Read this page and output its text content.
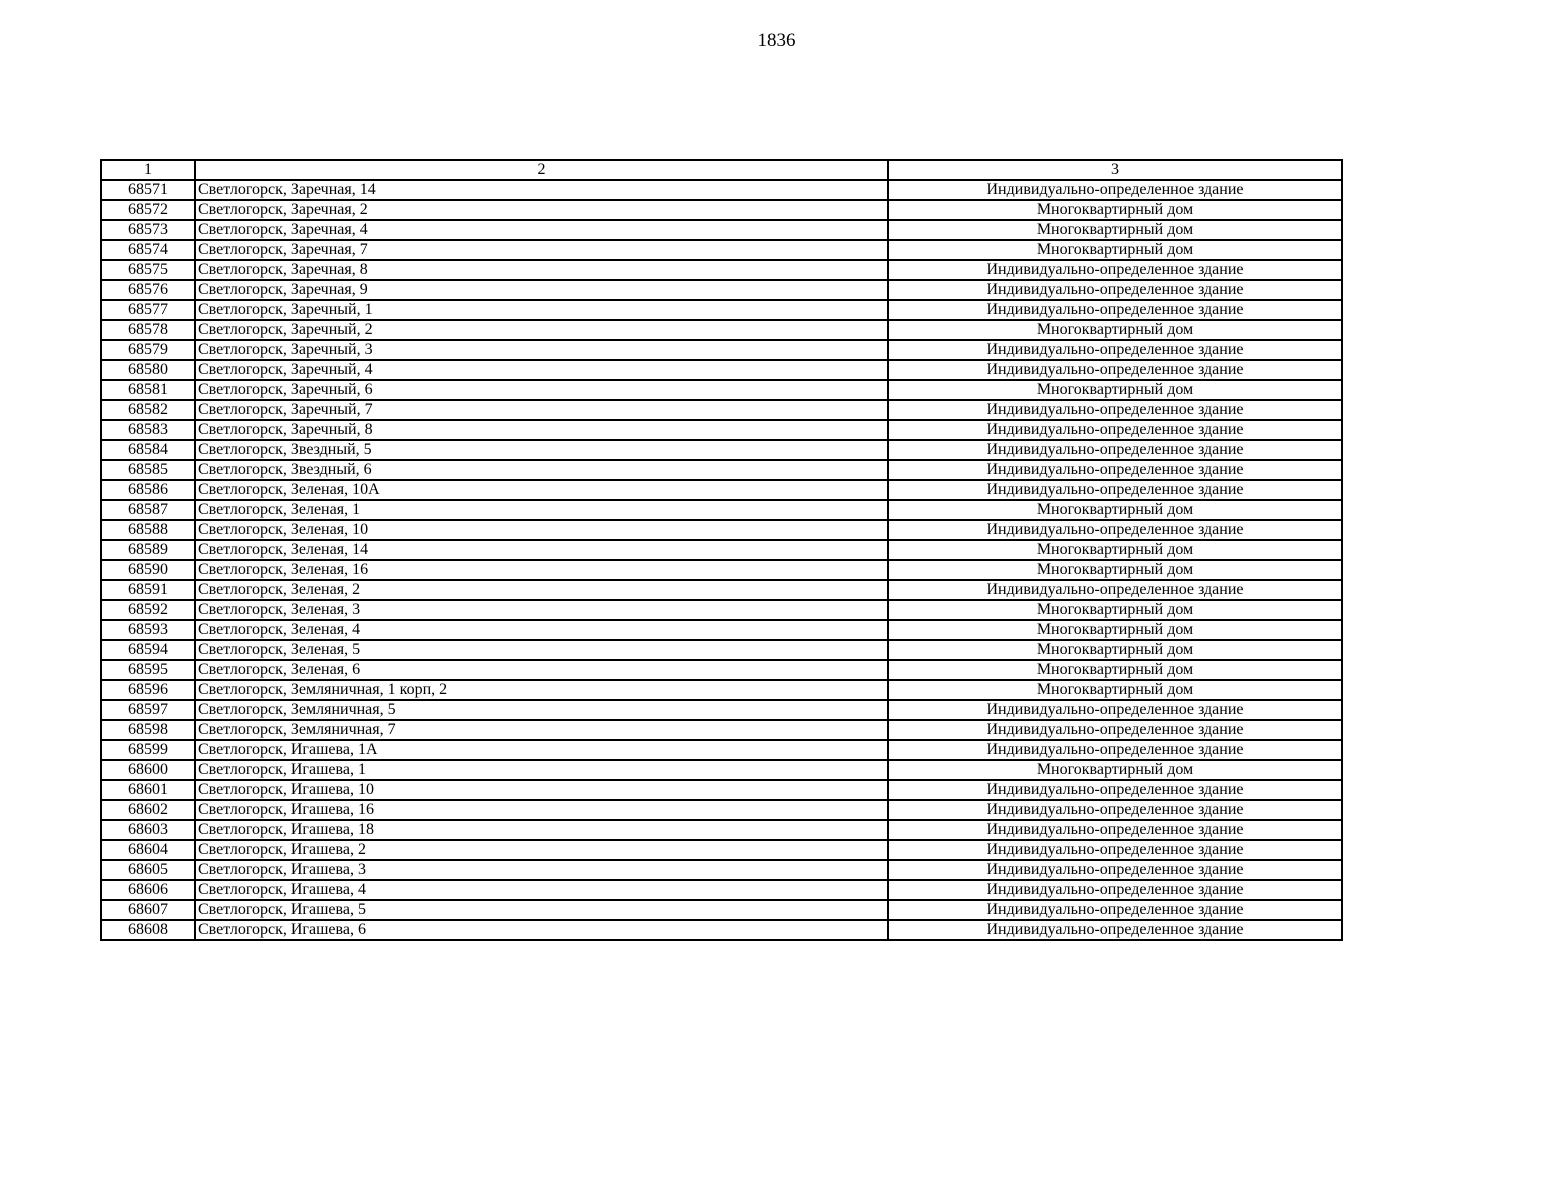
1836
1	2	3
68571	Светлогорск, Заречная, 14	Индивидуально-определенное здание
68572	Светлогорск, Заречная, 2	Многоквартирный дом
68573	Светлогорск, Заречная, 4	Многоквартирный дом
68574	Светлогорск, Заречная, 7	Многоквартирный дом
68575	Светлогорск, Заречная, 8	Индивидуально-определенное здание
68576	Светлогорск, Заречная, 9	Индивидуально-определенное здание
68577	Светлогорск, Заречный, 1	Индивидуально-определенное здание
68578	Светлогорск, Заречный, 2	Многоквартирный дом
68579	Светлогорск, Заречный, 3	Индивидуально-определенное здание
68580	Светлогорск, Заречный, 4	Индивидуально-определенное здание
68581	Светлогорск, Заречный, 6	Многоквартирный дом
68582	Светлогорск, Заречный, 7	Индивидуально-определенное здание
68583	Светлогорск, Заречный, 8	Индивидуально-определенное здание
68584	Светлогорск, Звездный, 5	Индивидуально-определенное здание
68585	Светлогорск, Звездный, 6	Индивидуально-определенное здание
68586	Светлогорск, Зеленая, 10А	Индивидуально-определенное здание
68587	Светлогорск, Зеленая, 1	Многоквартирный дом
68588	Светлогорск, Зеленая, 10	Индивидуально-определенное здание
68589	Светлогорск, Зеленая, 14	Многоквартирный дом
68590	Светлогорск, Зеленая, 16	Многоквартирный дом
68591	Светлогорск, Зеленая, 2	Индивидуально-определенное здание
68592	Светлогорск, Зеленая, 3	Многоквартирный дом
68593	Светлогорск, Зеленая, 4	Многоквартирный дом
68594	Светлогорск, Зеленая, 5	Многоквартирный дом
68595	Светлогорск, Зеленая, 6	Многоквартирный дом
68596	Светлогорск, Земляничная, 1 корп, 2	Многоквартирный дом
68597	Светлогорск, Земляничная, 5	Индивидуально-определенное здание
68598	Светлогорск, Земляничная, 7	Индивидуально-определенное здание
68599	Светлогорск, Игашева, 1А	Индивидуально-определенное здание
68600	Светлогорск, Игашева, 1	Многоквартирный дом
68601	Светлогорск, Игашева, 10	Индивидуально-определенное здание
68602	Светлогорск, Игашева, 16	Индивидуально-определенное здание
68603	Светлогорск, Игашева, 18	Индивидуально-определенное здание
68604	Светлогорск, Игашева, 2	Индивидуально-определенное здание
68605	Светлогорск, Игашева, 3	Индивидуально-определенное здание
68606	Светлогорск, Игашева, 4	Индивидуально-определенное здание
68607	Светлогорск, Игашева, 5	Индивидуально-определенное здание
68608	Светлогорск, Игашева, 6	Индивидуально-определенное здание
